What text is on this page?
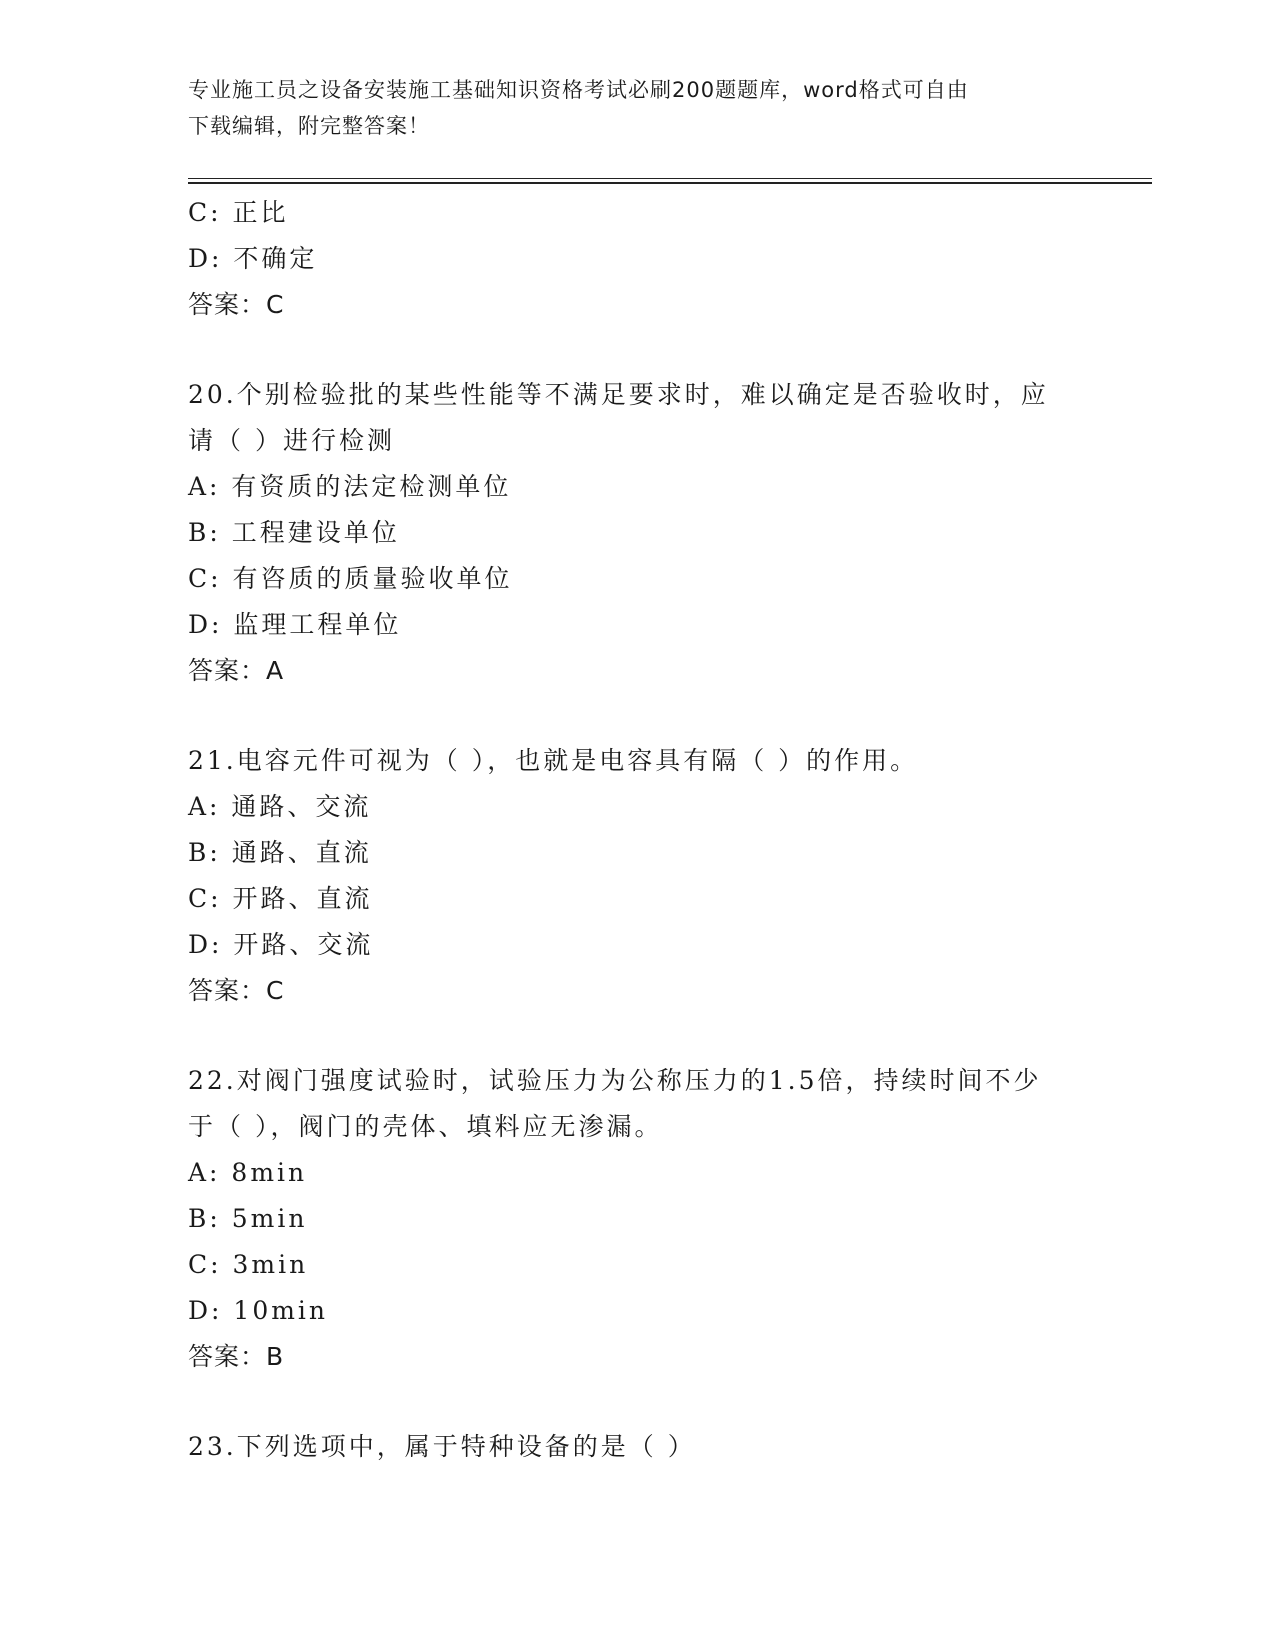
专业施工员之设备安装施工基础知识资格考试必刷200题题库，word格式可自由
下载编辑，附完整答案！
C: 正比
D: 不确定
答案：C
20.个别检验批的某些性能等不满足要求时，难以确定是否验收时，应
请（ ）进行检测
A: 有资质的法定检测单位
B: 工程建设单位
C: 有咨质的质量验收单位
D: 监理工程单位
答案：A
21.电容元件可视为（ ），也就是电容具有隔（ ）的作用。
A: 通路、交流
B: 通路、直流
C: 开路、直流
D: 开路、交流
答案：C
22.对阀门强度试验时，试验压力为公称压力的1.5倍，持续时间不少
于（ ），阀门的壳体、填料应无渗漏。
A: 8min
B: 5min
C: 3min
D: 10min
答案：B
23.下列选项中，属于特种设备的是（ ）
